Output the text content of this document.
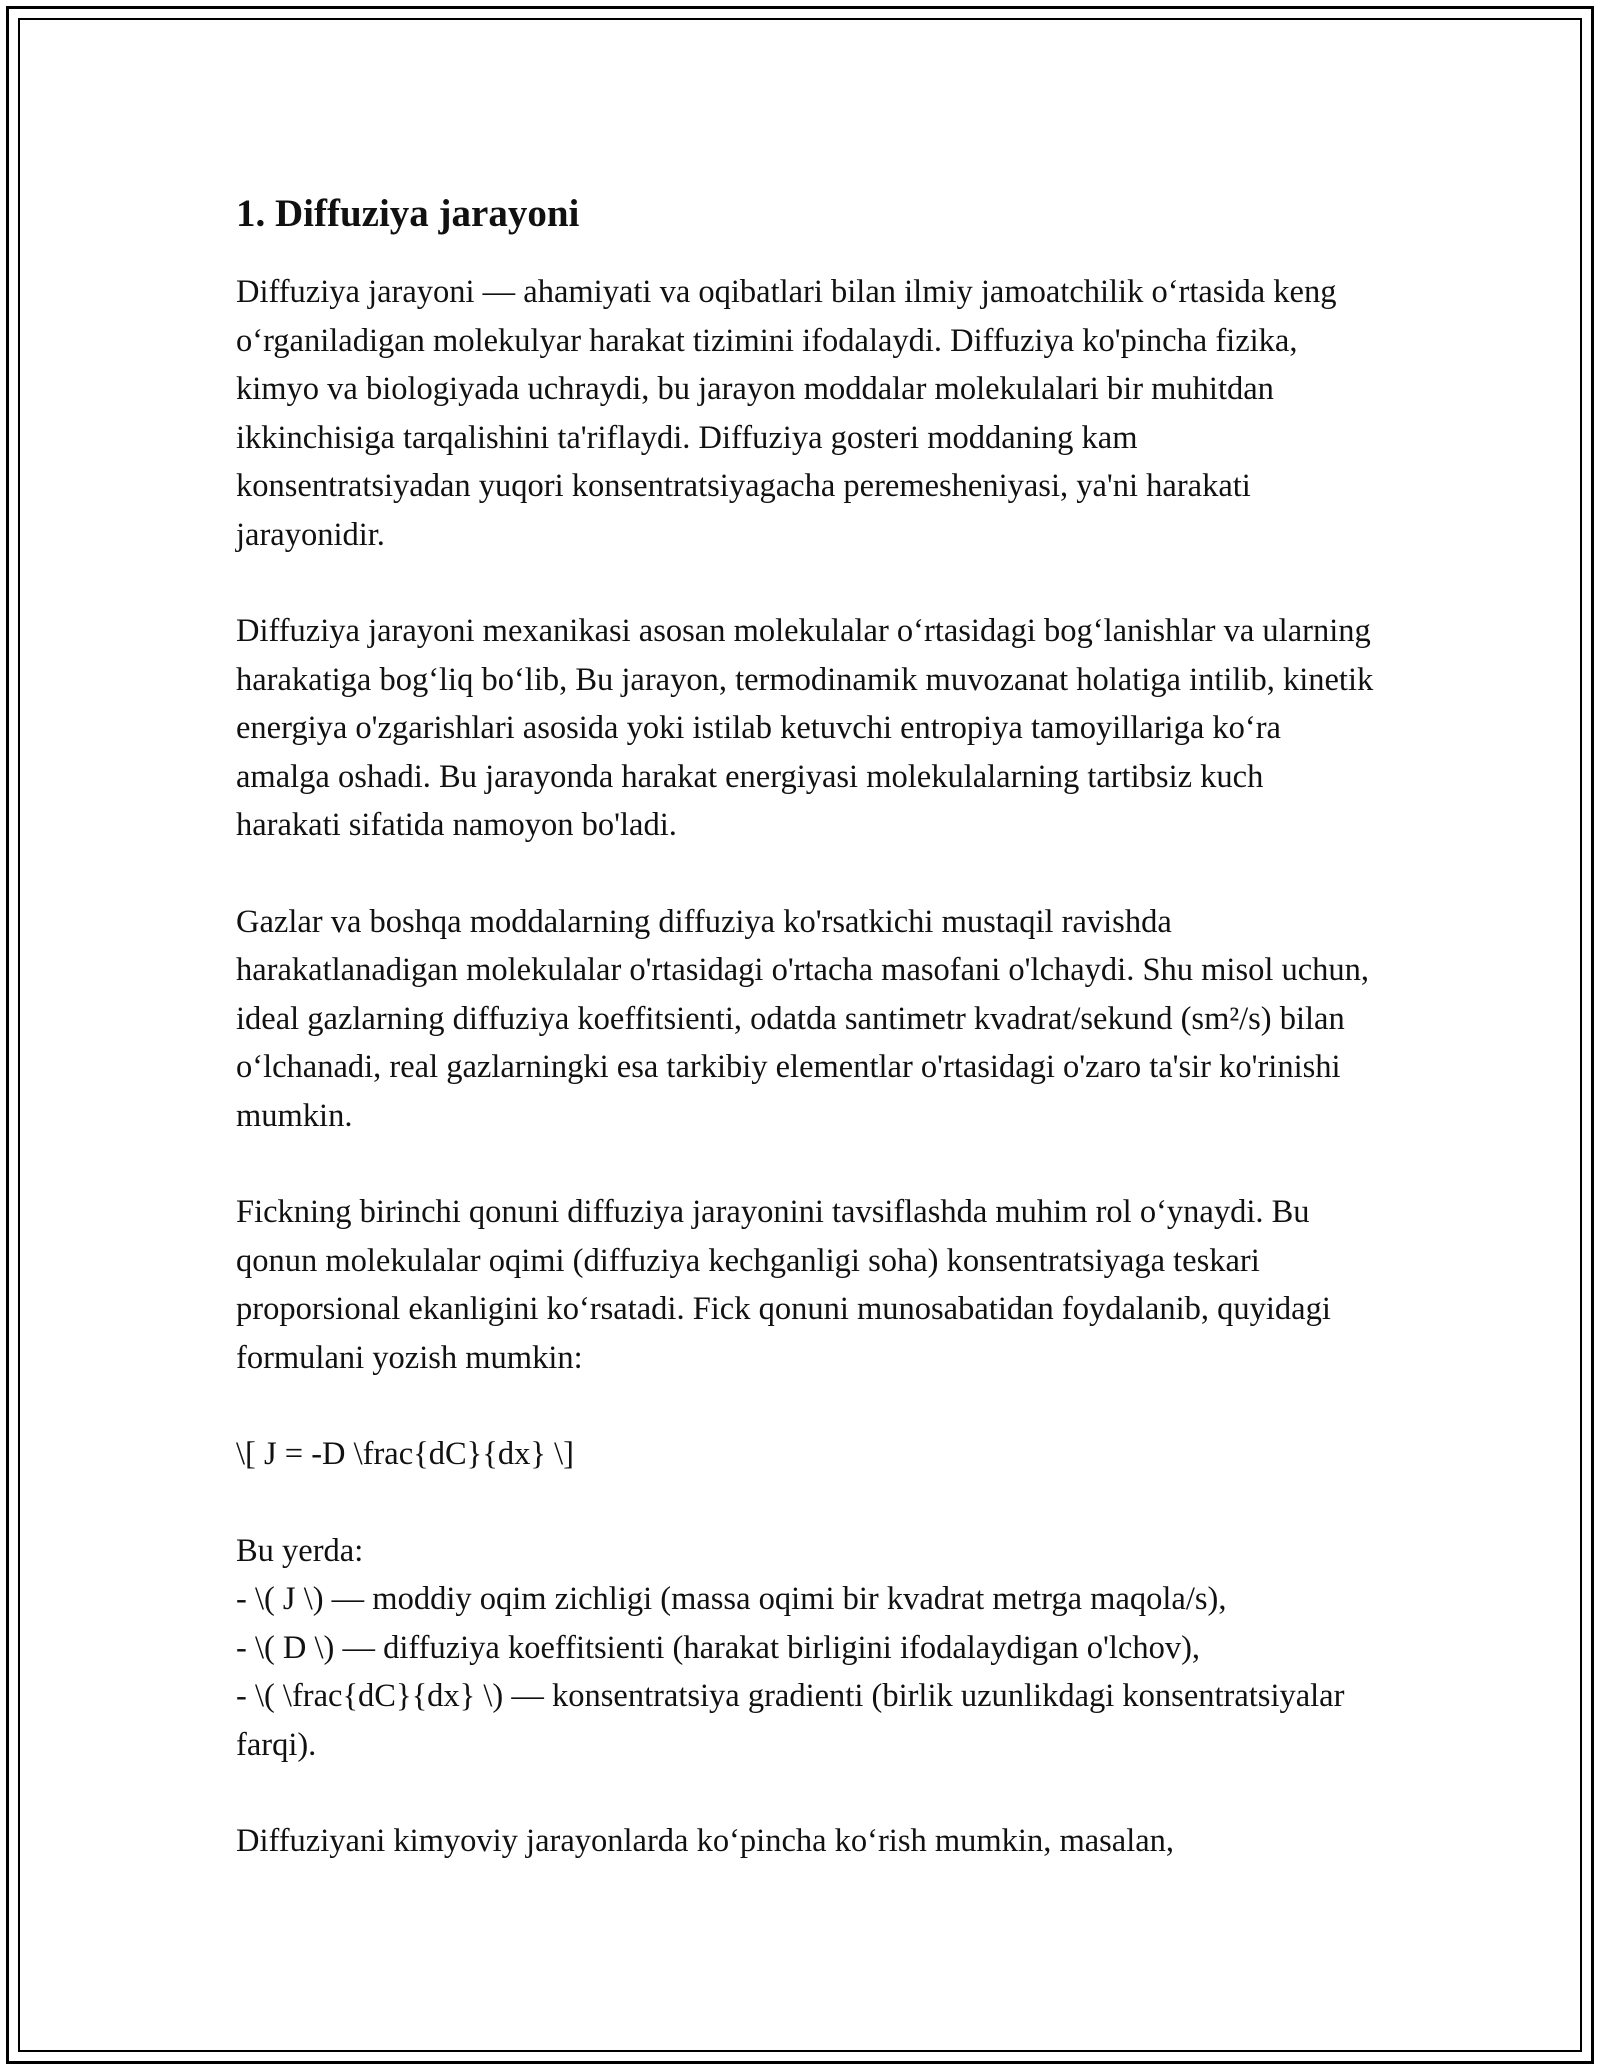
1. Diffuziya jarayoni

Diffuziya jarayoni — ahamiyati va oqibatlari bilan ilmiy jamoatchilik o‘rtasida keng o‘rganiladigan molekulyar harakat tizimini ifodalaydi. Diffuziya ko'pincha fizika, kimyo va biologiyada uchraydi, bu jarayon moddalar molekulalari bir muhitdan ikkinchisiga tarqalishini ta'riflaydi. Diffuziya gosteri moddaning kam konsentratsiyadan yuqori konsentratsiyagacha peremesheniyasi, ya'ni harakati jarayonidir.

Diffuziya jarayoni mexanikasi asosan molekulalar o‘rtasidagi bog‘lanishlar va ularning harakatiga bog‘liq bo‘lib, Bu jarayon, termodinamik muvozanat holatiga intilib, kinetik energiya o'zgarishlari asosida yoki istilab ketuvchi entropiya tamoyillariga ko‘ra amalga oshadi. Bu jarayonda harakat energiyasi molekulalarning tartibsiz kuch harakati sifatida namoyon bo'ladi.

Gazlar va boshqa moddalarning diffuziya ko'rsatkichi mustaqil ravishda harakatlanadigan molekulalar o'rtasidagi o'rtacha masofani o'lchaydi. Shu misol uchun, ideal gazlarning diffuziya koeffitsienti, odatda santimetr kvadrat/sekund (sm²/s) bilan o‘lchanadi, real gazlarningki esa tarkibiy elementlar o'rtasidagi o'zaro ta'sir ko'rinishi mumkin.

Fickning birinchi qonuni diffuziya jarayonini tavsiflashda muhim rol o‘ynaydi. Bu qonun molekulalar oqimi (diffuziya kechganligi soha) konsentratsiyaga teskari proporsional ekanligini ko‘rsatadi. Fick qonuni munosabatidan foydalanib, quyidagi formulani yozish mumkin:

\[ J = -D \frac{dC}{dx} \]

Bu yerda:
- \( J \) — moddiy oqim zichligi (massa oqimi bir kvadrat metrga maqola/s),
- \( D \) — diffuziya koeffitsienti (harakat birligini ifodalaydigan o'lchov),
- \( \frac{dC}{dx} \) — konsentratsiya gradienti (birlik uzunlikdagi konsentratsiyalar farqi).

Diffuziyani kimyoviy jarayonlarda ko‘pincha ko‘rish mumkin, masalan,
